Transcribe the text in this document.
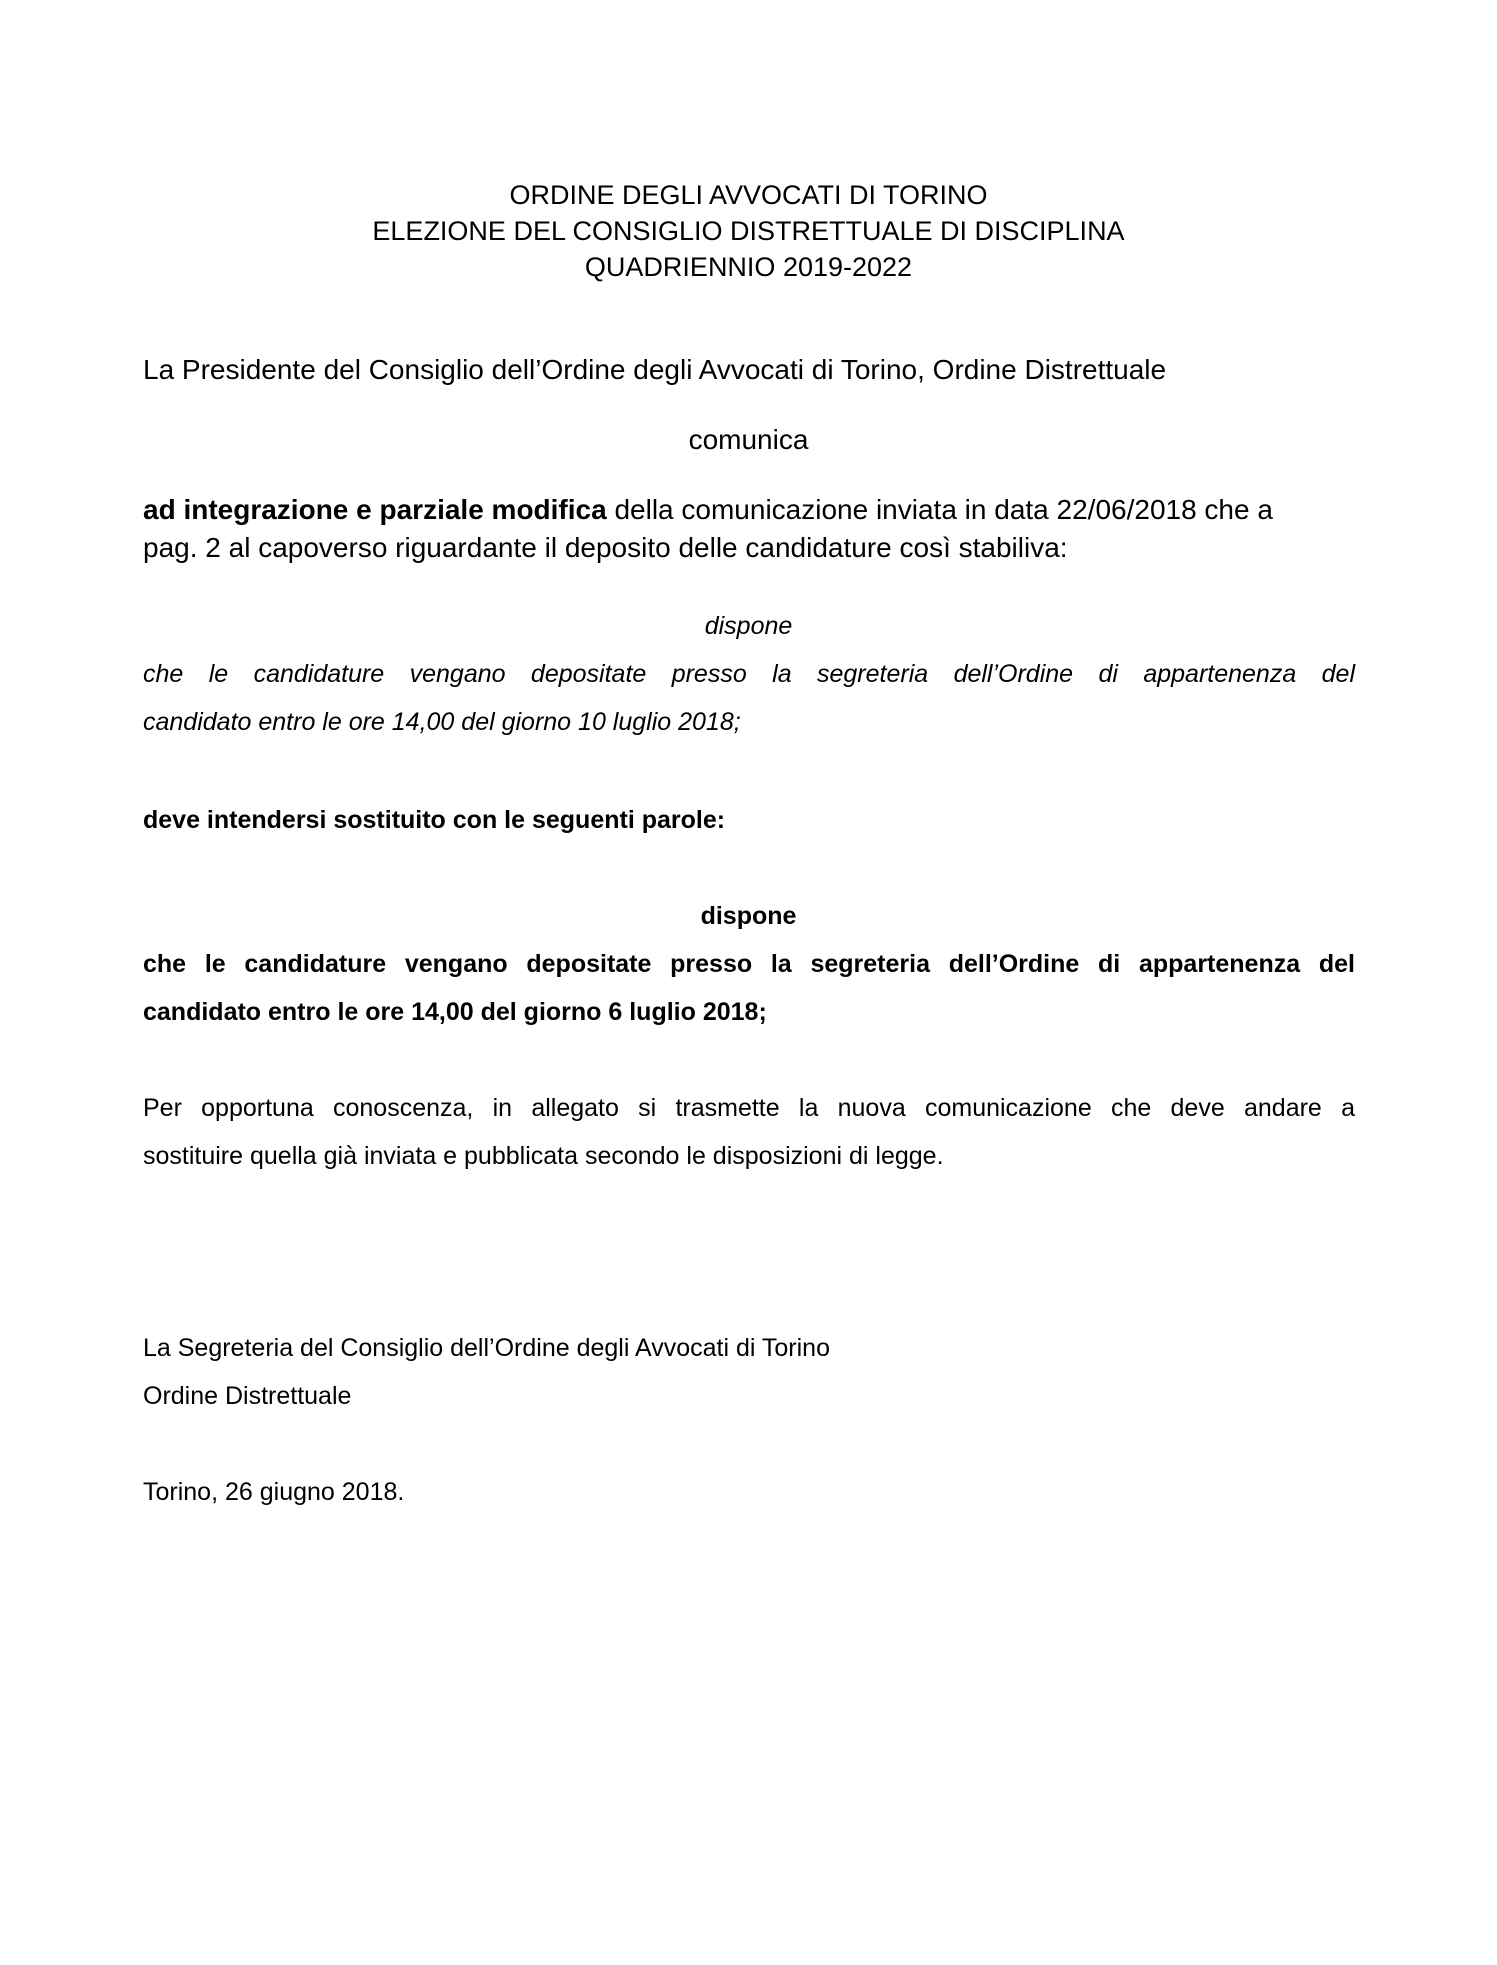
ORDINE DEGLI AVVOCATI DI TORINO
ELEZIONE DEL CONSIGLIO DISTRETTUALE DI DISCIPLINA
QUADRIENNIO 2019-2022
La Presidente del Consiglio dell’Ordine degli Avvocati di Torino, Ordine Distrettuale
comunica
ad integrazione e parziale modifica della comunicazione inviata in data 22/06/2018 che a
pag. 2 al capoverso riguardante il deposito delle candidature così stabiliva:
dispone
che le candidature vengano depositate presso la segreteria dell’Ordine di appartenenza del
candidato entro le ore 14,00 del giorno 10 luglio 2018;
deve intendersi sostituito con le seguenti parole:
dispone
che le candidature vengano depositate presso la segreteria dell’Ordine di appartenenza del
candidato entro le ore 14,00 del giorno 6 luglio 2018;
Per opportuna conoscenza, in allegato si trasmette la nuova comunicazione che deve andare a
sostituire quella già inviata e pubblicata secondo le disposizioni di legge.
La Segreteria del Consiglio dell’Ordine degli Avvocati di Torino
Ordine Distrettuale
Torino, 26 giugno 2018.
